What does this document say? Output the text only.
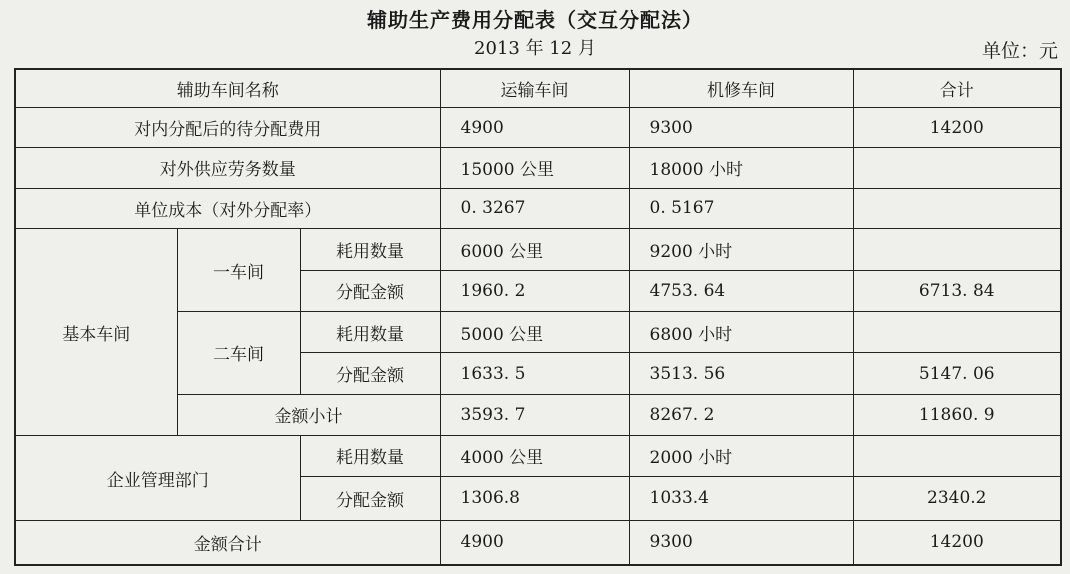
辅助生产费用分配表（交互分配法）
2013 年 12 月	单位：元
辅助车间名称			运输车间	机修车间	合计
对内分配后的待分配费用			4900	9300	14200
对外供应劳务数量			15000 公里	18000 小时	
单位成本（对外分配率）			0. 3267	0. 5167	
基本车间	一车间	耗用数量	6000 公里	9200 小时	
		分配金额	1960. 2	4753. 64	6713. 84
	二车间	耗用数量	5000 公里	6800 小时	
		分配金额	1633. 5	3513. 56	5147. 06
	金额小计		3593. 7	8267. 2	11860. 9
企业管理部门		耗用数量	4000 公里	2000 小时	
		分配金额	1306.8	1033.4	2340.2
金额合计			4900	9300	14200
